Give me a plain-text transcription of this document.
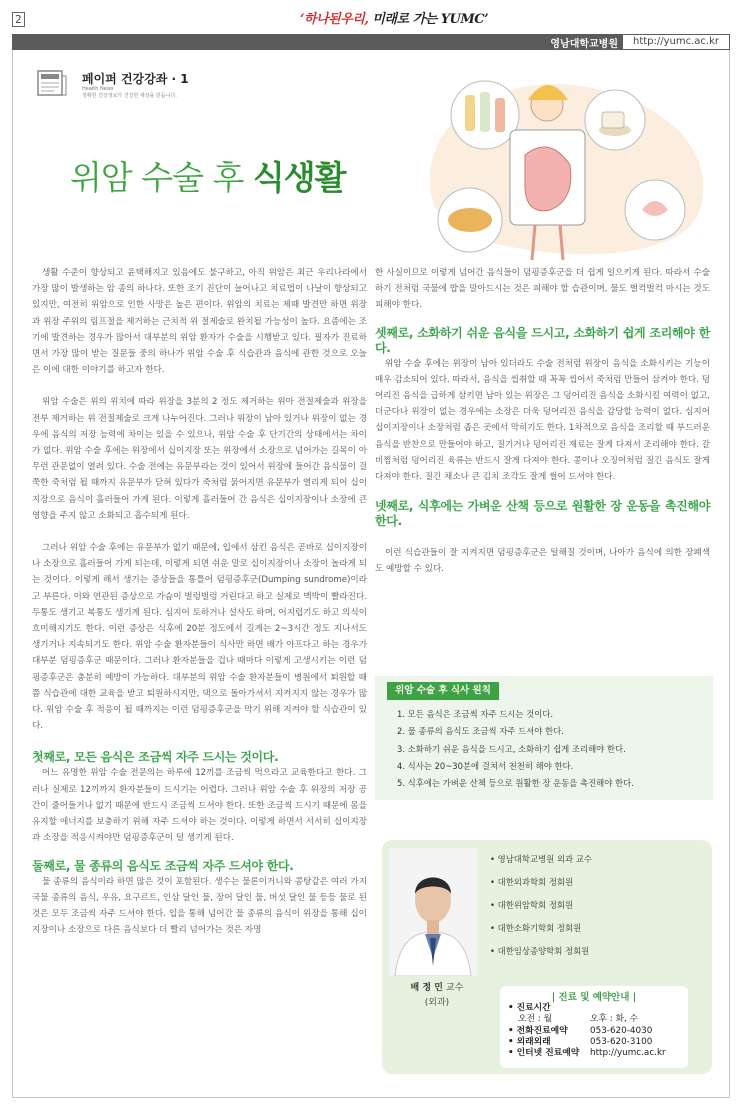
2	‘하나된우리, 미래로 가는 YUMC’
영남대학교병원	http://yumc.ac.kr
페이퍼 건강강좌 · 1
Health News
정확한 건강정보가 건강한 세상을 만듭니다.
위암 수술 후 식생활

생활 수준이 향상되고 윤택해지고 있음에도 불구하고, 아직 위암은 최근 우리나라에서 가장 많이 발생하는 암 종의 하나다. 또한 조기 진단이 늘어나고 치료법이 나날이 향상되고 있지만, 여전히 위암으로 인한 사망은 높은 편이다. 위암의 치료는 제때 발견만 하면 위장과 위장 주위의 림프절을 제거하는 근치적 위 절제술로 완치될 가능성이 높다. 요즘에는 조기에 발견하는 경우가 많아서 대부분의 위암 환자가 수술을 시행받고 있다. 필자가 진료하면서 가장 많이 받는 질문들 중의 하나가 위암 수술 후 식습관과 음식에 관한 것으로 오늘은 이에 대한 이야기를 하고자 한다.

위암 수술은 위의 위치에 따라 위장을 3분의 2 정도 제거하는 위아 전절제술과 위장을 전부 제거하는 위 전절제술로 크게 나누어진다. 그러나 위장이 남아 있거나 위장이 없는 경우에 음식의 저장 능력에 차이는 있을 수 있으나, 위암 수술 후 단기간의 상태에서는 차이가 없다. 위암 수술 후에는 위장에서 십이지장 또는 위장에서 소장으로 넘어가는 길목이 아무런 관문없이 열려 있다. 수술 전에는 유문부라는 것이 있어서 위장에 들어간 음식물이 걸쭉한 죽처럼 될 때까지 유문부가 닫혀 있다가 죽처럼 묽어지면 유문부가 열리게 되어 십이지장으로 음식이 흘러들어 가게 된다. 이렇게 흘러들어 간 음식은 십이지장이나 소장에 큰 영향을 주지 않고 소화되고 흡수되게 된다.

그러나 위암 수술 후에는 유문부가 없기 때문에, 입에서 삼킨 음식은 곧바로 십이지장이나 소장으로 흘러들어 가게 되는데, 이렇게 되면 쉬운 말로 십이지장이나 소장이 놀라게 되는 것이다. 이렇게 해서 생기는 증상들을 통틀어 덤핑증후군(Dumping sundrome)이라고 부른다. 이와 연관된 증상으로 가슴이 벌렁벌렁 거린다고 하고 실제로 맥박이 빨라진다. 두통도 생기고 복통도 생기게 된다. 심지어 토하거나 설사도 하며, 어지럽기도 하고 의식이 흐미해지기도 한다. 이런 증상은 식후에 20분 정도에서 길게는 2~3시간 정도 지나서도 생기거나 지속되기도 한다. 위암 수술 환자분들이 식사만 하면 배가 아프다고 하는 경우가 대부분 덤핑증후군 때문이다. 그러나 환자분들을 겁나 때마다 이렇게 고생시키는 이런 덤핑증후군은 충분히 예방이 가능하다. 대부분의 위암 수술 환자분들이 병원에서 퇴원할 때쯤 식습관에 대한 교육을 받고 퇴원하시지만, 댁으로 돌아가셔서 지켜지지 않는 경우가 많다. 위암 수술 후 적응이 될 때까지는 이런 덤핑증후군을 막기 위해 지켜야 할 식습관이 있다.

첫째로, 모든 음식은 조금씩 자주 드시는 것이다.

어느 유명한 위암 수술 전문의는 하루에 12끼를 조금씩 먹으라고 교육한다고 한다. 그러나 실제로 12끼까지 환자분들이 드시기는 어렵다. 그러나 위암 수술 후 위장의 저장 공간이 줄어들거나 없기 때문에 반드시 조금씩 드셔야 한다. 또한 조금씩 드시기 때문에 몸을 유지할 에너지를 보충하기 위해 자주 드셔야 하는 것이다. 이렇게 하면서 서서히 십이지장과 소장을 적응시켜야만 덤핑증후군이 덜 생기게 된다.

둘째로, 물 종류의 음식도 조금씩 자주 드셔야 한다.

물 종류의 음식이라 하면 많은 것이 포함된다. 생수는 물론이거니와 콩탕같은 여러 가지 국물 종류의 음식, 우유, 요구르트, 인삼 달인 물, 장어 달인 물, 버섯 달인 물 등등 물로 된 것은 모두 조금씩 자주 드셔야 한다. 입을 통해 넘어간 물 종류의 음식이 위장을 통해 십이지장이나 소장으로 다른 음식보다 더 빨리 넘어가는 것은 자명

한 사실이므로 이렇게 넘어간 음식들이 덤핑증후군을 더 쉽게 일으키게 된다. 따라서 수술하기 전처럼 국물에 밥을 말아드시는 것은 피해야 할 습관이며, 물도 벌컥벌컥 마시는 것도 피해야 한다.

셋째로, 소화하기 쉬운 음식을 드시고, 소화하기 쉽게 조리해야 한다.

위암 수술 후에는 위장이 남아 있더라도 수술 전처럼 위장이 음식을 소화시키는 기능이 매우 감소되어 있다. 따라서, 음식을 씹취할 때 꼭꼭 씹어서 죽처럼 만들어 삼켜야 한다. 덩어리진 음식을 급하게 삼키면 남아 있는 위장은 그 덩어리진 음식을 소화시킬 여력이 없고, 더군다나 위장이 없는 경우에는 소장은 더욱 덩어리진 음식을 감당할 능력이 없다. 심지어 십이지장이나 소장처럼 좁은 곳에서 막히기도 한다. 1차적으로 음식을 조리할 때 부드러운 음식을 반찬으로 만들어야 하고, 질기거나 덩어리진 재료는 잘게 다져서 조리해야 한다. 갈비찜처럼 덩어리진 육류는 반드시 잘게 다져야 한다. 콩이나 오징어처럼 질긴 음식도 잘게 다져야 한다. 질긴 채소나 큰 김치 조각도 잘게 썰어 드셔야 한다.

넷째로, 식후에는 가벼운 산책 등으로 원활한 장 운동을 촉진해야 한다.

이런 식습관들이 잘 지켜지면 덤핑증후군은 털해질 것이며, 나아가 음식에 의한 장폐색도 예방할 수 있다.

위암 수술 후 식사 원칙
1. 모든 음식은 조금씩 자주 드시는 것이다.
2. 물 종류의 음식도 조금씩 자주 드셔야 한다.
3. 소화하기 쉬운 음식을 드시고, 소화하기 쉽게 조리해야 한다.
4. 식사는 20~30분에 걸쳐서 천천히 해야 한다.
5. 식후에는 가벼운 산책 등으로 원활한 장 운동을 촉진해야 한다.
배 정 민 교수
(외과)
• 영남대학교병원 외과 교수
• 대한외과학회 정회원
• 대한위암학회 정회원
• 대한소화기학회 정회원
• 대한임상종양학회 정회원
| 진료 및 예약안내 |
• 진료시간
오전 : 월	오후 : 화, 수
• 전화진료예약	053-620-4030
• 외래외래	053-620-3100
• 인터넷 진료예약	http://yumc.ac.kr
